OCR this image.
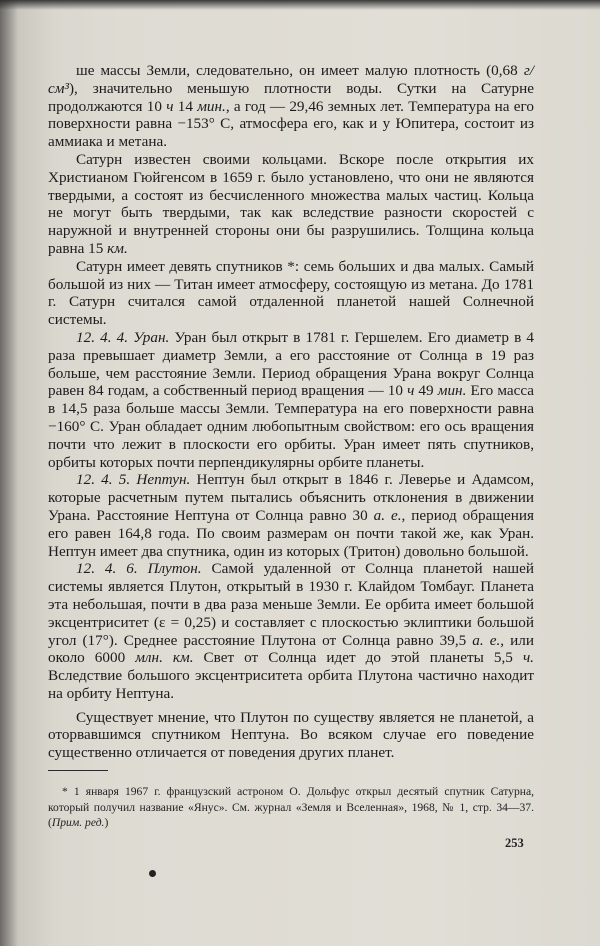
ше массы Земли, следовательно, он имеет малую плотность (0,68 г/см³), значительно меньшую плотности воды. Сутки на Сатурне продолжаются 10 ч 14 мин., а год — 29,46 земных лет. Температура на его поверхности равна −153° С, атмосфера его, как и у Юпитера, состоит из аммиака и метана.

Сатурн известен своими кольцами. Вскоре после открытия их Христианом Гюйгенсом в 1659 г. было установлено, что они не являются твердыми, а состоят из бесчисленного множества малых частиц. Кольца не могут быть твердыми, так как вследствие разности скоростей с наружной и внутренней стороны они бы разрушились. Толщина кольца равна 15 км.

Сатурн имеет девять спутников *: семь больших и два малых. Самый большой из них — Титан имеет атмосферу, состоящую из метана. До 1781 г. Сатурн считался самой отдаленной планетой нашей Солнечной системы.

12. 4. 4. Уран. Уран был открыт в 1781 г. Гершелем. Его диаметр в 4 раза превышает диаметр Земли, а его расстояние от Солнца в 19 раз больше, чем расстояние Земли. Период обращения Урана вокруг Солнца равен 84 годам, а собственный период вращения — 10 ч 49 мин. Его масса в 14,5 раза больше массы Земли. Температура на его поверхности равна −160° С. Уран обладает одним любопытным свойством: его ось вращения почти что лежит в плоскости его орбиты. Уран имеет пять спутников, орбиты которых почти перпендикулярны орбите планеты.

12. 4. 5. Нептун. Нептун был открыт в 1846 г. Леверье и Адамсом, которые расчетным путем пытались объяснить отклонения в движении Урана. Расстояние Нептуна от Солнца равно 30 а. е., период обращения его равен 164,8 года. По своим размерам он почти такой же, как Уран. Нептун имеет два спутника, один из которых (Тритон) довольно большой.

12. 4. 6. Плутон. Самой удаленной от Солнца планетой нашей системы является Плутон, открытый в 1930 г. Клайдом Томбауг. Планета эта небольшая, почти в два раза меньше Земли. Ее орбита имеет большой эксцентриситет (ε = 0,25) и составляет с плоскостью эклиптики большой угол (17°). Среднее расстояние Плутона от Солнца равно 39,5 а. е., или около 6000 млн. км. Свет от Солнца идет до этой планеты 5,5 ч. Вследствие большого эксцентриситета орбита Плутона частично находит на орбиту Нептуна.

Существует мнение, что Плутон по существу является не планетой, а оторвавшимся спутником Нептуна. Во всяком случае его поведение существенно отличается от поведения других планет.

* 1 января 1967 г. французский астроном О. Дольфус открыл десятый спутник Сатурна, который получил название «Янус». См. журнал «Земля и Вселенная», 1968, № 1, стр. 34—37. (Прим. ред.)

253
